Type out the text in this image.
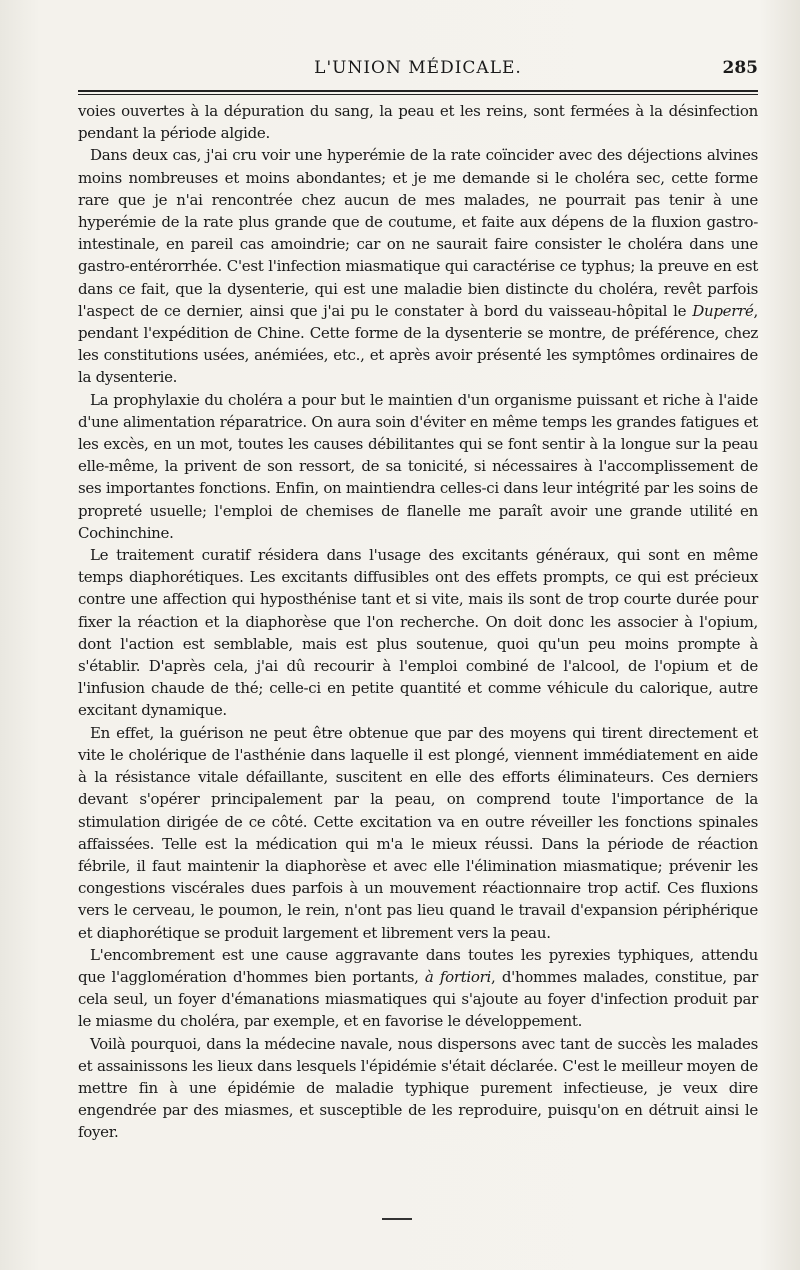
L'UNION MÉDICALE.	285

voies ouvertes à la dépuration du sang, la peau et les reins, sont fermées à la désinfection pendant la période algide.

Dans deux cas, j'ai cru voir une hyperémie de la rate coïncider avec des déjections alvines moins nombreuses et moins abondantes; et je me demande si le choléra sec, cette forme rare que je n'ai rencontrée chez aucun de mes malades, ne pourrait pas tenir à une hyperémie de la rate plus grande que de coutume, et faite aux dépens de la fluxion gastro-intestinale, en pareil cas amoindrie; car on ne saurait faire consister le choléra dans une gastro-entérorrhée. C'est l'infection miasmatique qui caractérise ce typhus; la preuve en est dans ce fait, que la dysenterie, qui est une maladie bien distincte du choléra, revêt parfois l'aspect de ce dernier, ainsi que j'ai pu le constater à bord du vaisseau-hôpital le Duperré, pendant l'expédition de Chine. Cette forme de la dysenterie se montre, de préférence, chez les constitutions usées, anémiées, etc., et après avoir présenté les symptômes ordinaires de la dysenterie.

La prophylaxie du choléra a pour but le maintien d'un organisme puissant et riche à l'aide d'une alimentation réparatrice. On aura soin d'éviter en même temps les grandes fatigues et les excès, en un mot, toutes les causes débilitantes qui se font sentir à la longue sur la peau elle-même, la privent de son ressort, de sa tonicité, si nécessaires à l'accomplissement de ses importantes fonctions. Enfin, on maintiendra celles-ci dans leur intégrité par les soins de propreté usuelle; l'emploi de chemises de flanelle me paraît avoir une grande utilité en Cochinchine.

Le traitement curatif résidera dans l'usage des excitants généraux, qui sont en même temps diaphorétiques. Les excitants diffusibles ont des effets prompts, ce qui est précieux contre une affection qui hyposthénise tant et si vite, mais ils sont de trop courte durée pour fixer la réaction et la diaphorèse que l'on recherche. On doit donc les associer à l'opium, dont l'action est semblable, mais est plus soutenue, quoi qu'un peu moins prompte à s'établir. D'après cela, j'ai dû recourir à l'emploi combiné de l'alcool, de l'opium et de l'infusion chaude de thé; celle-ci en petite quantité et comme véhicule du calorique, autre excitant dynamique.

En effet, la guérison ne peut être obtenue que par des moyens qui tirent directement et vite le cholérique de l'asthénie dans laquelle il est plongé, viennent immédiatement en aide à la résistance vitale défaillante, suscitent en elle des efforts éliminateurs. Ces derniers devant s'opérer principalement par la peau, on comprend toute l'importance de la stimulation dirigée de ce côté. Cette excitation va en outre réveiller les fonctions spinales affaissées. Telle est la médication qui m'a le mieux réussi. Dans la période de réaction fébrile, il faut maintenir la diaphorèse et avec elle l'élimination miasmatique; prévenir les congestions viscérales dues parfois à un mouvement réactionnaire trop actif. Ces fluxions vers le cerveau, le poumon, le rein, n'ont pas lieu quand le travail d'expansion périphérique et diaphorétique se produit largement et librement vers la peau.

L'encombrement est une cause aggravante dans toutes les pyrexies typhiques, attendu que l'agglomération d'hommes bien portants, à fortiori, d'hommes malades, constitue, par cela seul, un foyer d'émanations miasmatiques qui s'ajoute au foyer d'infection produit par le miasme du choléra, par exemple, et en favorise le développement.

Voilà pourquoi, dans la médecine navale, nous dispersons avec tant de succès les malades et assainissons les lieux dans lesquels l'épidémie s'était déclarée. C'est le meilleur moyen de mettre fin à une épidémie de maladie typhique purement infectieuse, je veux dire engendrée par des miasmes, et susceptible de les reproduire, puisqu'on en détruit ainsi le foyer.
